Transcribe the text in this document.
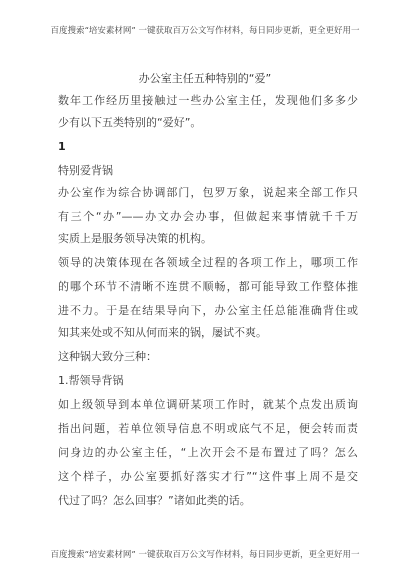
百度搜索“培安素材网” 一键获取百万公文写作材料，每日同步更新，更全更好用一
办公室主任五种特别的“爱”
数年工作经历里接触过一些办公室主任，发现他们多多少
少有以下五类特别的“爱好”。
1
特别爱背锅
办公室作为综合协调部门，包罗万象，说起来全部工作只
有三个“办”——办文办会办事，但做起来事情就千千万
实质上是服务领导决策的机构。
领导的决策体现在各领域全过程的各项工作上，哪项工作
的哪个环节不清晰不连贯不顺畅，都可能导致工作整体推
进不力。于是在结果导向下，办公室主任总能准确背住或
知其来处或不知从何而来的锅，屡试不爽。
这种锅大致分三种：
1.帮领导背锅
如上级领导到本单位调研某项工作时，就某个点发出质询
指出问题，若单位领导信息不明或底气不足，便会转而责
问身边的办公室主任，“上次开会不是布置过了吗？怎么
这个样子，办公室要抓好落实才行”“这件事上周不是交
代过了吗？怎么回事？”诸如此类的话。
百度搜索“培安素材网” 一键获取百万公文写作材料，每日同步更新，更全更好用一
